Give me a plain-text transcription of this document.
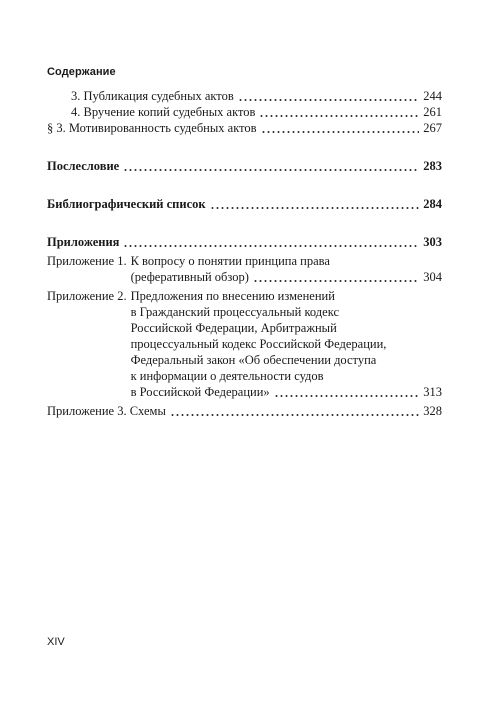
Содержание
3. Публикация судебных актов	244
4. Вручение копий судебных актов	261
§ 3. Мотивированность судебных актов	267
Послесловие	283
Библиографический список	284
Приложения	303
Приложение 1. К вопросу о понятии принципа права
(реферативный обзор)	304
Приложение 2. Предложения по внесению изменений
в Гражданский процессуальный кодекс
Российской Федерации, Арбитражный
процессуальный кодекс Российской Федерации,
Федеральный закон «Об обеспечении доступа
к информации о деятельности судов
в Российской Федерации»	313
Приложение 3. Схемы	328
XIV
